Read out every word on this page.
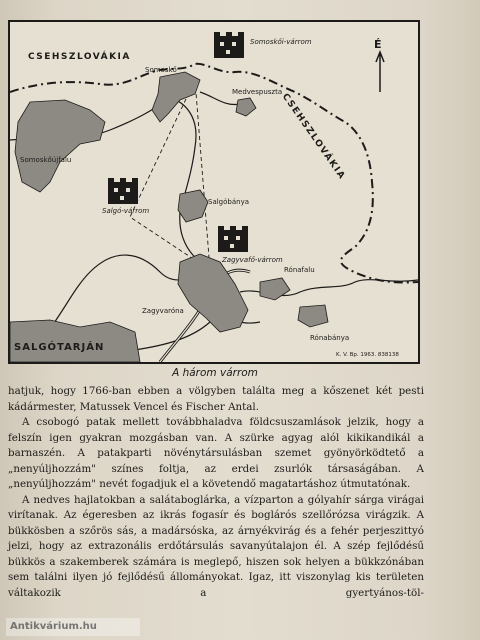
É
CSEHSZLOVÁKIA
CSEHSZLOVÁKIA
Somoskői-várrom
Salgó-várrom
Zagyvafő-várrom
Somoskő
Medvespuszta
Somoskőújfalu
Salgóbánya
Zagyvaróna
Rónafalu
Rónabánya
SALGÓTARJÁN
K. V. Bp. 1963. 838138
A három várrom

hatjuk, hogy 1766-ban ebben a völgyben találta meg a kőszenet két pesti kádármester, Matussek Vencel és Fischer Antal.

A csobogó patak mellett továbbhaladva földcsuszamlások jelzik, hogy a felszín igen gyakran mozgásban van. A szürke agyag alól kikikandikál a barnaszén. A patakparti növénytársulásban szemet gyönyörködtető a „nenyúljhozzám" színes foltja, az erdei zsurlók társaságában. A „nenyúljhozzám" nevét fogadjuk el a követendő magatartáshoz útmutatónak.

A nedves hajlatokban a salátaboglárka, a vízparton a gólyahír sárga virágai virítanak. Az égeresben az ikrás fogasír és boglárós szellőrózsa virágzik. A bükkösben a szőrös sás, a madársóska, az árnyékvirág és a fehér perjeszittyó jelzi, hogy az extrazonális erdőtársulás savanyútalajon él. A szép fejlődésű bükkös a szakemberek számára is meglepő, hiszen sok helyen a bükkzónában sem találni ilyen jó fejlődésű állományokat. Igaz, itt viszonylag kis területen váltakozik a gyertyános-töl-

Antikvárium.hu
